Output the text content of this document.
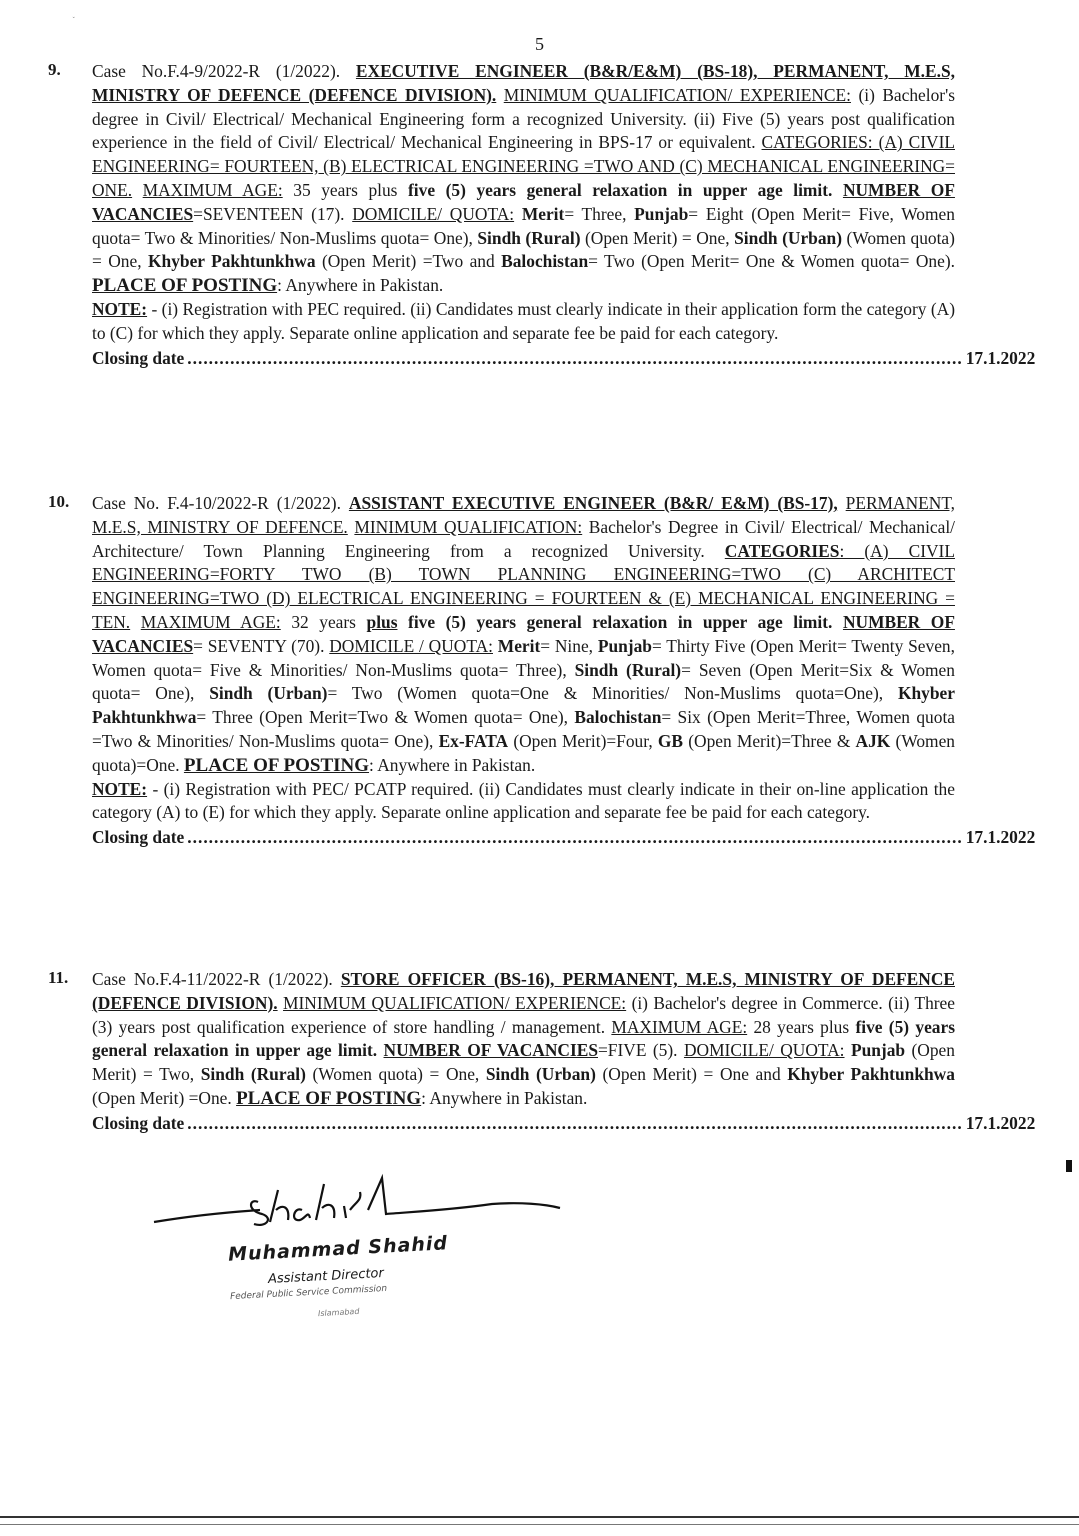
˯
5
9. Case No.F.4-9/2022-R (1/2022). EXECUTIVE ENGINEER (B&R/E&M) (BS-18), PERMANENT, M.E.S, MINISTRY OF DEFENCE (DEFENCE DIVISION). MINIMUM QUALIFICATION/ EXPERIENCE: (i) Bachelor's degree in Civil/ Electrical/ Mechanical Engineering form a recognized University. (ii) Five (5) years post qualification experience in the field of Civil/ Electrical/ Mechanical Engineering in BPS-17 or equivalent. CATEGORIES: (A) CIVIL ENGINEERING= FOURTEEN, (B) ELECTRICAL ENGINEERING =TWO AND (C) MECHANICAL ENGINEERING= ONE. MAXIMUM AGE: 35 years plus five (5) years general relaxation in upper age limit. NUMBER OF VACANCIES=SEVENTEEN (17). DOMICILE/ QUOTA: Merit= Three, Punjab= Eight (Open Merit= Five, Women quota= Two & Minorities/ Non-Muslims quota= One), Sindh (Rural) (Open Merit) = One, Sindh (Urban) (Women quota) = One, Khyber Pakhtunkhwa (Open Merit) =Two and Balochistan= Two (Open Merit= One & Women quota= One). PLACE OF POSTING: Anywhere in Pakistan.

NOTE: - (i) Registration with PEC required. (ii) Candidates must clearly indicate in their application form the category (A) to (C) for which they apply. Separate online application and separate fee be paid for each category.

Closing date ................................................................................................................................................. 17.1.2022
10. Case No. F.4-10/2022-R (1/2022). ASSISTANT EXECUTIVE ENGINEER (B&R/ E&M) (BS-17), PERMANENT, M.E.S, MINISTRY OF DEFENCE. MINIMUM QUALIFICATION: Bachelor's Degree in Civil/ Electrical/ Mechanical/ Architecture/ Town Planning Engineering from a recognized University. CATEGORIES: (A) CIVIL ENGINEERING=FORTY TWO (B) TOWN PLANNING ENGINEERING=TWO (C) ARCHITECT ENGINEERING=TWO (D) ELECTRICAL ENGINEERING = FOURTEEN & (E) MECHANICAL ENGINEERING = TEN. MAXIMUM AGE: 32 years plus five (5) years general relaxation in upper age limit. NUMBER OF VACANCIES= SEVENTY (70). DOMICILE / QUOTA: Merit= Nine, Punjab= Thirty Five (Open Merit= Twenty Seven, Women quota= Five & Minorities/ Non-Muslims quota= Three), Sindh (Rural)= Seven (Open Merit=Six & Women quota= One), Sindh (Urban)= Two (Women quota=One & Minorities/ Non-Muslims quota=One), Khyber Pakhtunkhwa= Three (Open Merit=Two & Women quota= One), Balochistan= Six (Open Merit=Three, Women quota =Two & Minorities/ Non-Muslims quota= One), Ex-FATA (Open Merit)=Four, GB (Open Merit)=Three & AJK (Women quota)=One. PLACE OF POSTING: Anywhere in Pakistan.

NOTE: - (i) Registration with PEC/ PCATP required. (ii) Candidates must clearly indicate in their on-line application the category (A) to (E) for which they apply. Separate online application and separate fee be paid for each category.

Closing date ................................................................................................................................................. 17.1.2022
11. Case No.F.4-11/2022-R (1/2022). STORE OFFICER (BS-16), PERMANENT, M.E.S, MINISTRY OF DEFENCE (DEFENCE DIVISION). MINIMUM QUALIFICATION/ EXPERIENCE: (i) Bachelor's degree in Commerce. (ii) Three (3) years post qualification experience of store handling / management. MAXIMUM AGE: 28 years plus five (5) years general relaxation in upper age limit. NUMBER OF VACANCIES=FIVE (5). DOMICILE/ QUOTA: Punjab (Open Merit) = Two, Sindh (Rural) (Women quota) = One, Sindh (Urban) (Open Merit) = One and Khyber Pakhtunkhwa (Open Merit) =One. PLACE OF POSTING: Anywhere in Pakistan.
Closing date ................................................................................................................................................. 17.1.2022
Muhammad Shahid
Assistant Director
Federal Public Service Commission
Islamabad
